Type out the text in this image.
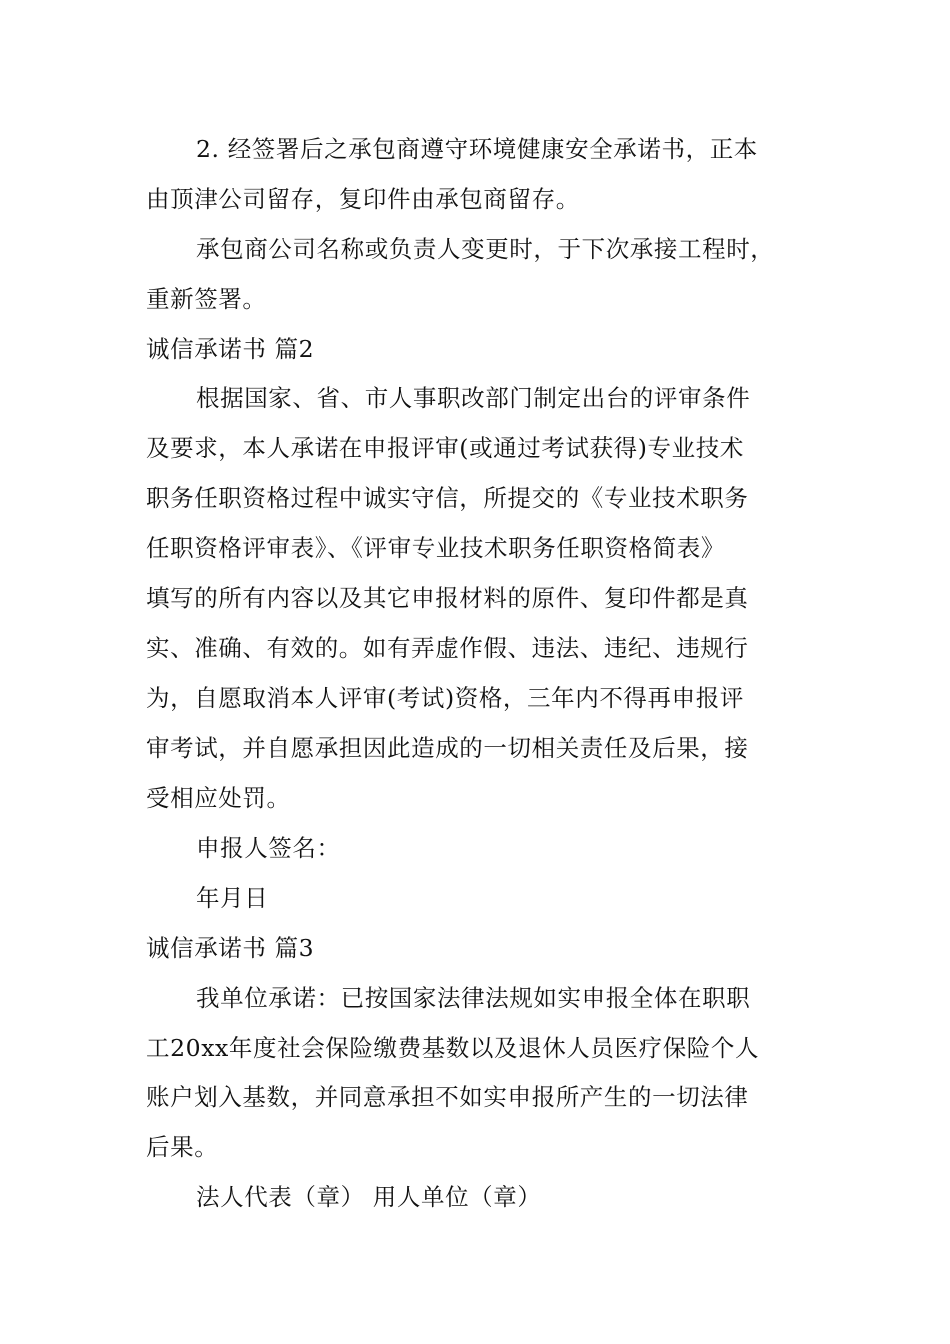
2. 经签署后之承包商遵守环境健康安全承诺书，正本
由顶津公司留存，复印件由承包商留存。
承包商公司名称或负责人变更时，于下次承接工程时，
重新签署。
诚信承诺书 篇2
根据国家、省、市人事职改部门制定出台的评审条件
及要求，本人承诺在申报评审(或通过考试获得)专业技术
职务任职资格过程中诚实守信，所提交的《专业技术职务
任职资格评审表》、《评审专业技术职务任职资格简表》
填写的所有内容以及其它申报材料的原件、复印件都是真
实、准确、有效的。如有弄虚作假、违法、违纪、违规行
为，自愿取消本人评审(考试)资格，三年内不得再申报评
审考试，并自愿承担因此造成的一切相关责任及后果，接
受相应处罚。
申报人签名：
年月日
诚信承诺书 篇3
我单位承诺：已按国家法律法规如实申报全体在职职
工20xx年度社会保险缴费基数以及退休人员医疗保险个人
账户划入基数，并同意承担不如实申报所产生的一切法律
后果。
法人代表（章） 用人单位（章）
